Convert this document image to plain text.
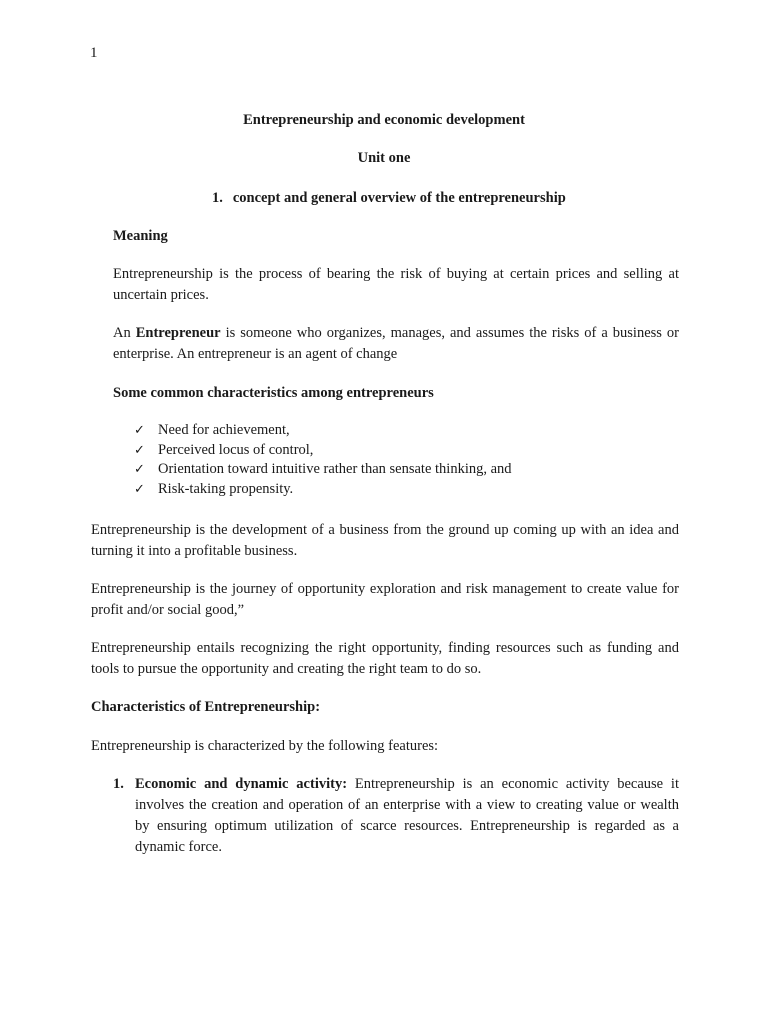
1

Entrepreneurship and economic development

Unit one

1. concept and general overview of the entrepreneurship

Meaning

Entrepreneurship is the process of bearing the risk of buying at certain prices and selling at uncertain prices.

An Entrepreneur is someone who organizes, manages, and assumes the risks of a business or enterprise. An entrepreneur is an agent of change

Some common characteristics among entrepreneurs

✓ Need for achievement,
✓ Perceived locus of control,
✓ Orientation toward intuitive rather than sensate thinking, and
✓ Risk-taking propensity.

Entrepreneurship is the development of a business from the ground up coming up with an idea and turning it into a profitable business.

Entrepreneurship is the journey of opportunity exploration and risk management to create value for profit and/or social good,”

Entrepreneurship entails recognizing the right opportunity, finding resources such as funding and tools to pursue the opportunity and creating the right team to do so.

Characteristics of Entrepreneurship:

Entrepreneurship is characterized by the following features:

1. Economic and dynamic activity: Entrepreneurship is an economic activity because it involves the creation and operation of an enterprise with a view to creating value or wealth by ensuring optimum utilization of scarce resources. Entrepreneurship is regarded as a dynamic force.
